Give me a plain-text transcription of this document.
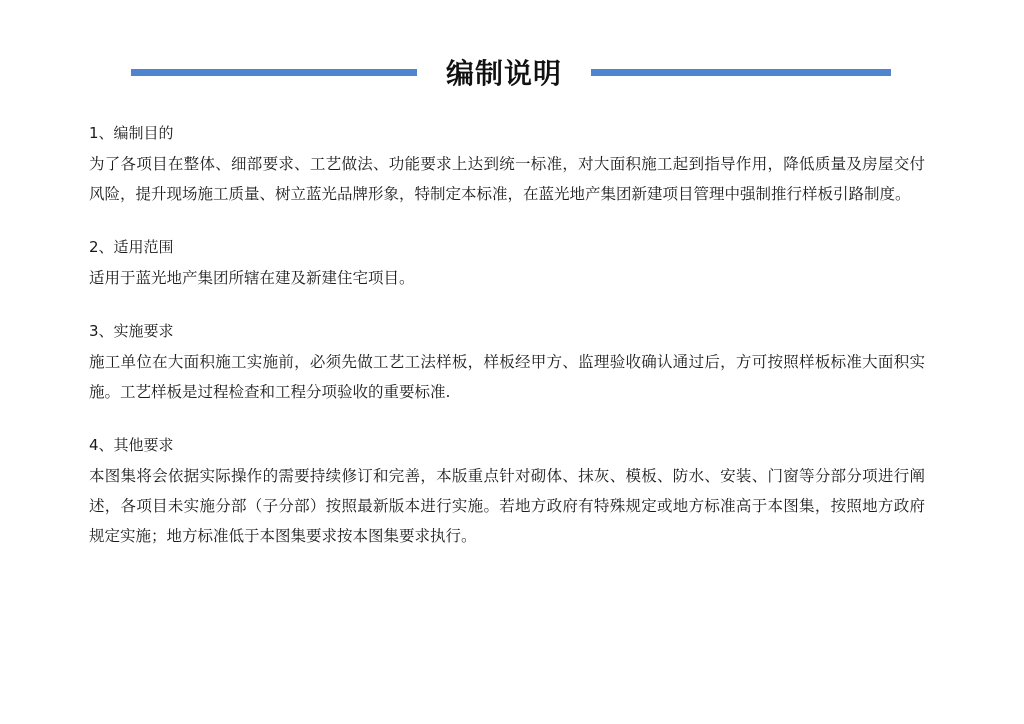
编制说明
1、编制目的
为了各项目在整体、细部要求、工艺做法、功能要求上达到统一标准，对大面积施工起到指导作用，降低质量及房屋交付风险，提升现场施工质量、树立蓝光品牌形象，特制定本标准，在蓝光地产集团新建项目管理中强制推行样板引路制度。
2、适用范围
适用于蓝光地产集团所辖在建及新建住宅项目。
3、实施要求
施工单位在大面积施工实施前，必须先做工艺工法样板，样板经甲方、监理验收确认通过后，方可按照样板标准大面积实施。工艺样板是过程检查和工程分项验收的重要标准.
4、其他要求
本图集将会依据实际操作的需要持续修订和完善，本版重点针对砌体、抹灰、模板、防水、安装、门窗等分部分项进行阐述，各项目未实施分部（子分部）按照最新版本进行实施。若地方政府有特殊规定或地方标准高于本图集，按照地方政府规定实施；地方标准低于本图集要求按本图集要求执行。
